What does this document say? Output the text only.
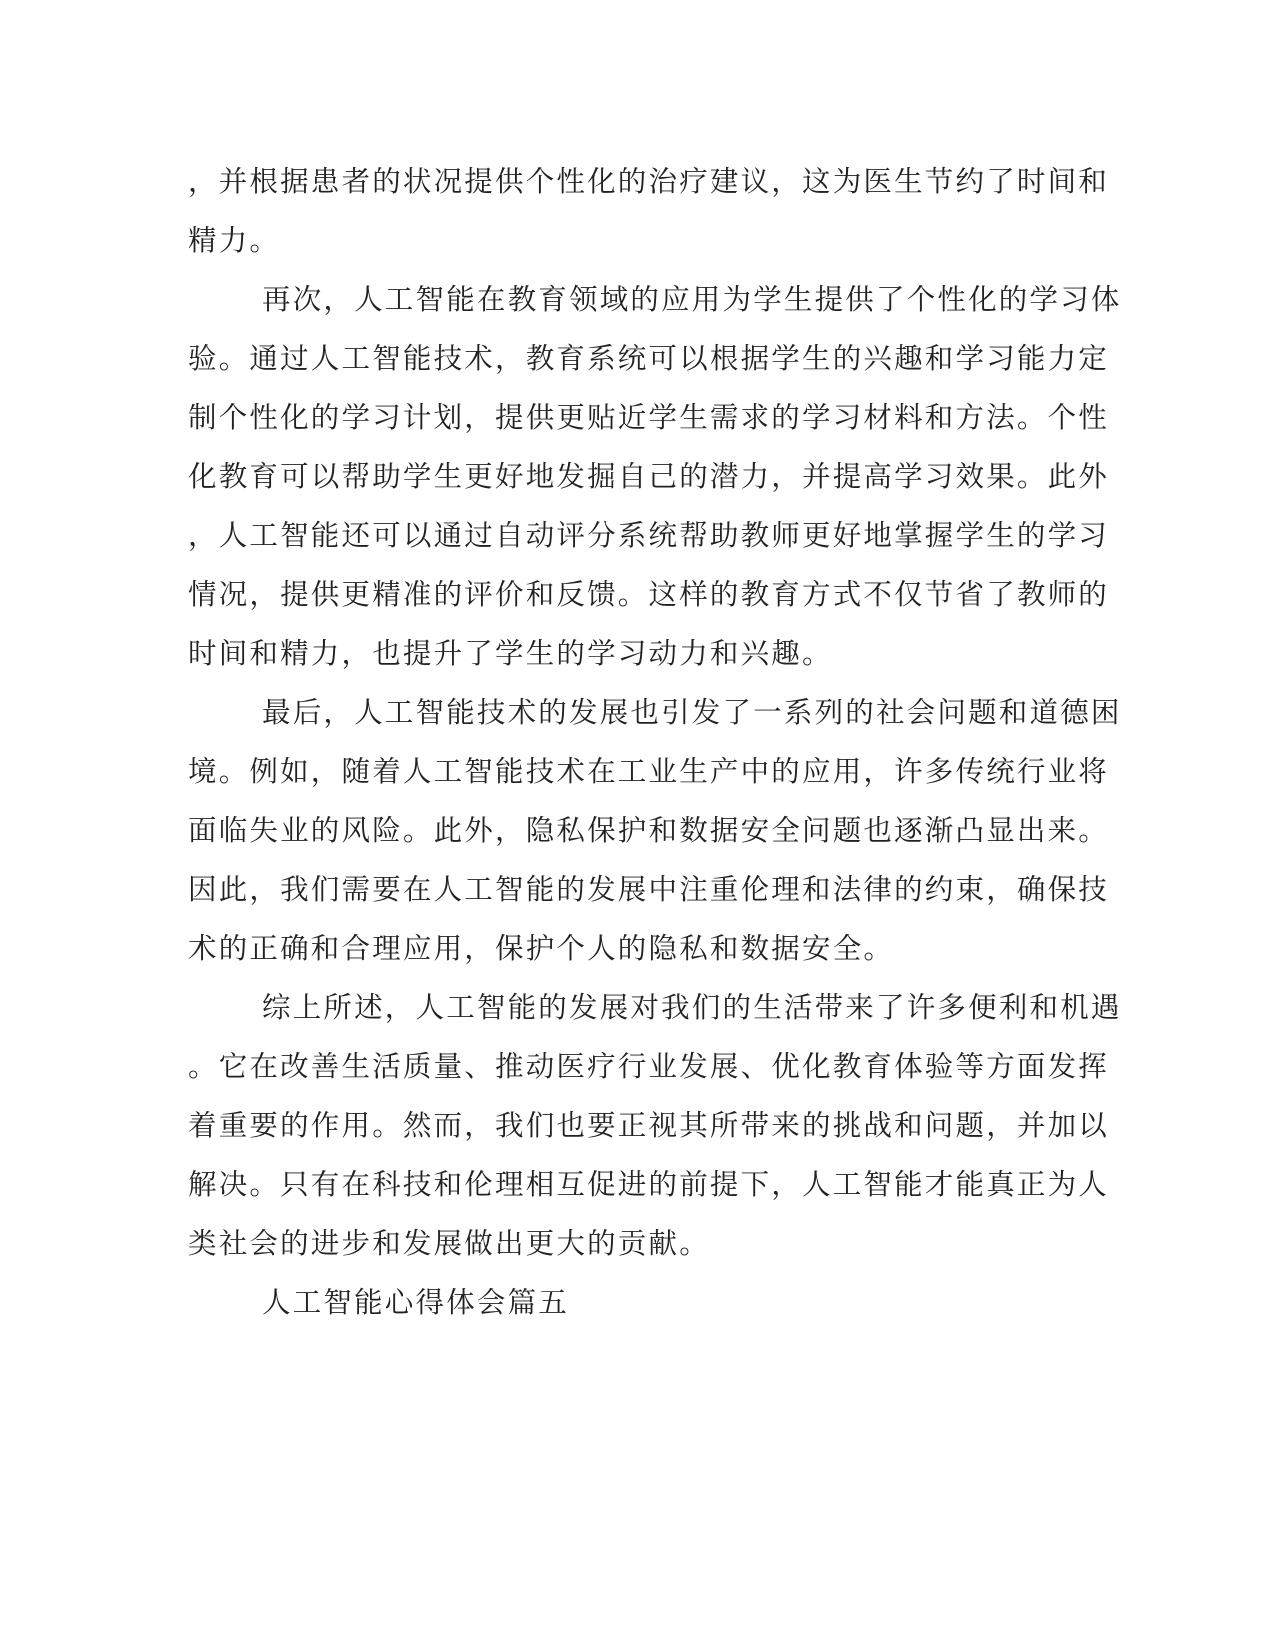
，并根据患者的状况提供个性化的治疗建议，这为医生节约了时间和
精力。
再次，人工智能在教育领域的应用为学生提供了个性化的学习体
验。通过人工智能技术，教育系统可以根据学生的兴趣和学习能力定
制个性化的学习计划，提供更贴近学生需求的学习材料和方法。个性
化教育可以帮助学生更好地发掘自己的潜力，并提高学习效果。此外
，人工智能还可以通过自动评分系统帮助教师更好地掌握学生的学习
情况，提供更精准的评价和反馈。这样的教育方式不仅节省了教师的
时间和精力，也提升了学生的学习动力和兴趣。
最后，人工智能技术的发展也引发了一系列的社会问题和道德困
境。例如，随着人工智能技术在工业生产中的应用，许多传统行业将
面临失业的风险。此外，隐私保护和数据安全问题也逐渐凸显出来。
因此，我们需要在人工智能的发展中注重伦理和法律的约束，确保技
术的正确和合理应用，保护个人的隐私和数据安全。
综上所述，人工智能的发展对我们的生活带来了许多便利和机遇
。它在改善生活质量、推动医疗行业发展、优化教育体验等方面发挥
着重要的作用。然而，我们也要正视其所带来的挑战和问题，并加以
解决。只有在科技和伦理相互促进的前提下，人工智能才能真正为人
类社会的进步和发展做出更大的贡献。
人工智能心得体会篇五
